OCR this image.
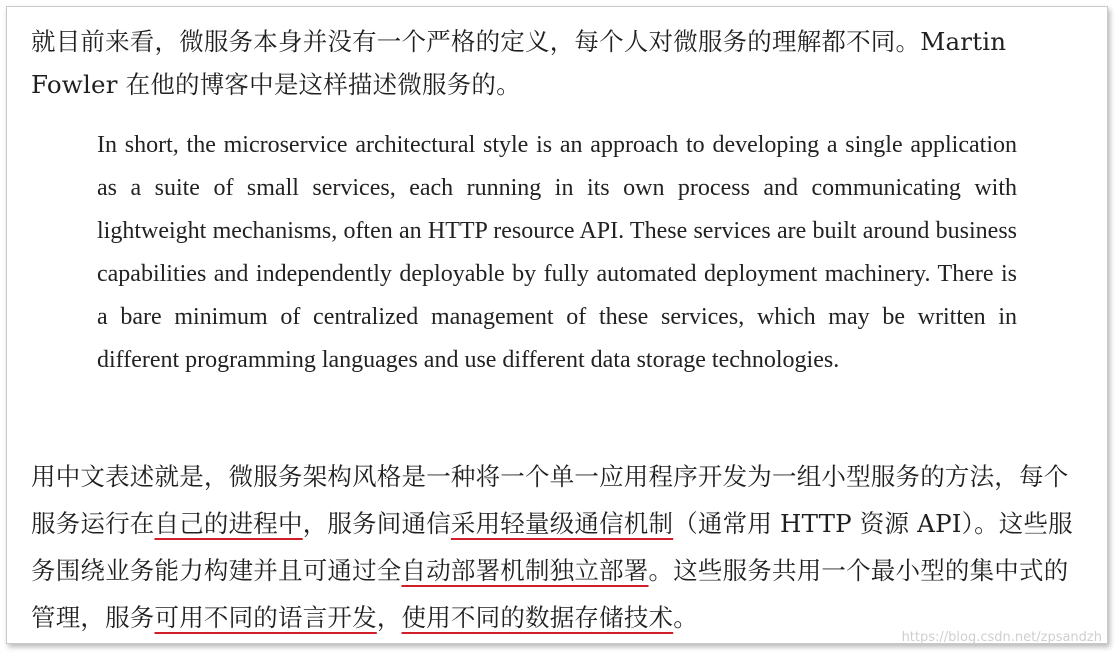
就目前来看，微服务本身并没有一个严格的定义，每个人对微服务的理解都不同。Martin Fowler 在他的博客中是这样描述微服务的。

In short, the microservice architectural style is an approach to developing a single application as a suite of small services, each running in its own process and communicating with lightweight mechanisms, often an HTTP resource API. These services are built around business capabilities and independently deployable by fully automated deployment machinery. There is a bare minimum of centralized management of these services, which may be written in different programming languages and use different data storage technologies.

用中文表述就是，微服务架构风格是一种将一个单一应用程序开发为一组小型服务的方法，每个服务运行在自己的进程中，服务间通信采用轻量级通信机制（通常用 HTTP 资源 API）。这些服务围绕业务能力构建并且可通过全自动部署机制独立部署。这些服务共用一个最小型的集中式的管理，服务可用不同的语言开发，使用不同的数据存储技术。

https://blog.csdn.net/zpsandzh
